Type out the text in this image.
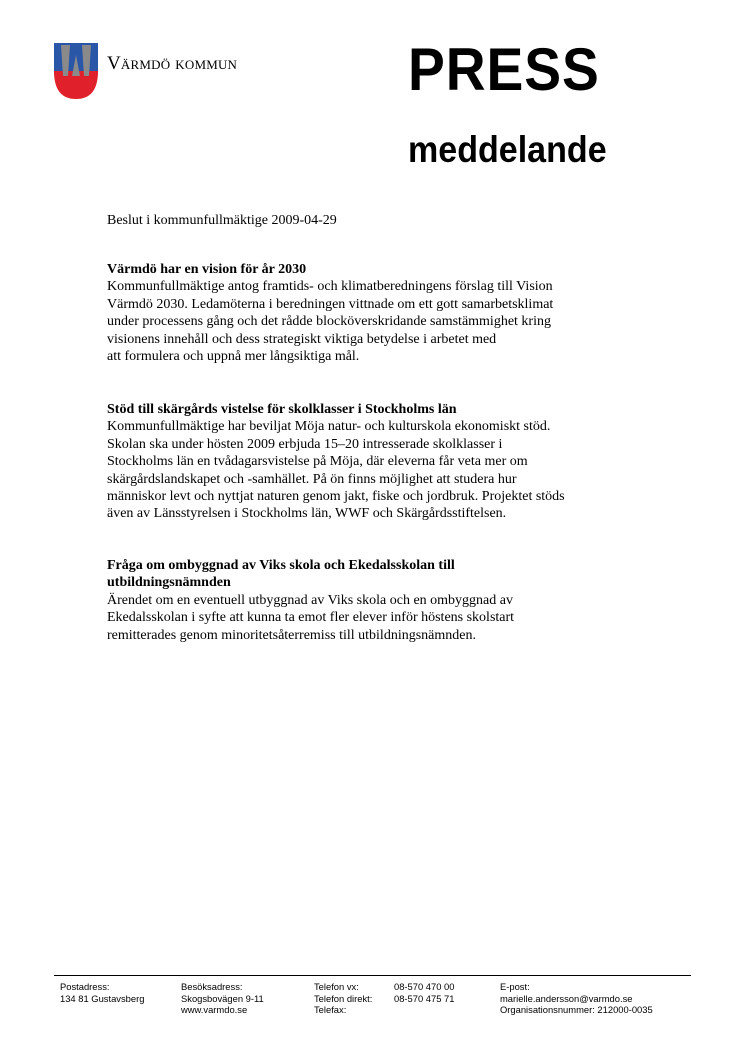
Värmdö kommun	PRESS
meddelande
Beslut i kommunfullmäktige 2009-04-29
Värmdö har en vision för år 2030

Kommunfullmäktige antog framtids- och klimatberedningens förslag till Vision

Värmdö 2030. Ledamöterna i beredningen vittnade om ett gott samarbetsklimat

under processens gång och det rådde blocköverskridande samstämmighet kring

visionens innehåll och dess strategiskt viktiga betydelse i arbetet med

att formulera och uppnå mer långsiktiga mål.

Stöd till skärgårds vistelse för skolklasser i Stockholms län

Kommunfullmäktige har beviljat Möja natur- och kulturskola ekonomiskt stöd.

Skolan ska under hösten 2009 erbjuda 15–20 intresserade skolklasser i

Stockholms län en tvådagarsvistelse på Möja, där eleverna får veta mer om

skärgårdslandskapet och -samhället. På ön finns möjlighet att studera hur

människor levt och nyttjat naturen genom jakt, fiske och jordbruk. Projektet stöds

även av Länsstyrelsen i Stockholms län, WWF och Skärgårdsstiftelsen.

Fråga om ombyggnad av Viks skola och Ekedalsskolan till
utbildningsnämnden

Ärendet om en eventuell utbyggnad av Viks skola och en ombyggnad av

Ekedalsskolan i syfte att kunna ta emot fler elever inför höstens skolstart

remitterades genom minoritetsåterremiss till utbildningsnämnden.

Postadress:
134 81 Gustavsberg
Besöksadress:
Skogsbovägen 9-11
www.varmdo.se
Telefon vx:
Telefon direkt:
Telefax:
08-570 470 00
08-570 475 71
E-post:
marielle.andersson@varmdo.se
Organisationsnummer: 212000-0035
